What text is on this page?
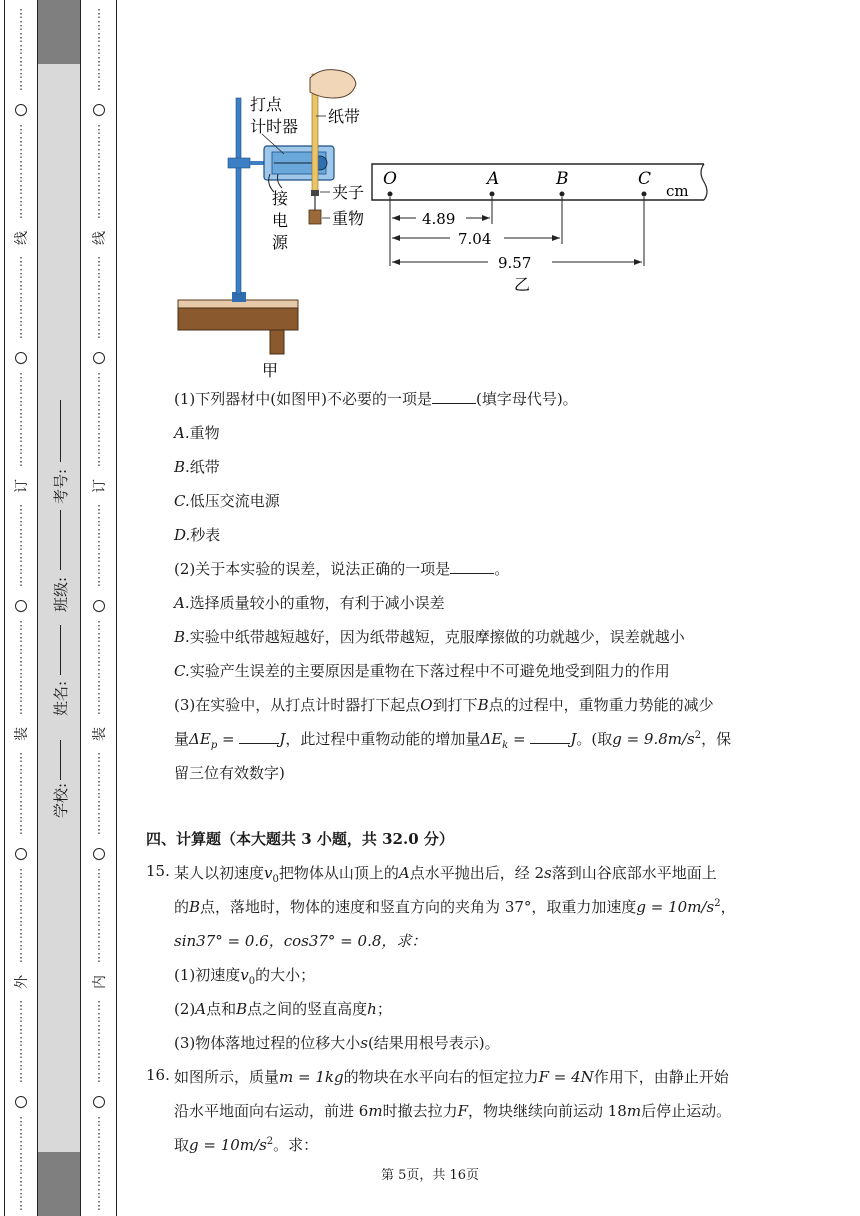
⋮
⋮
⋮
⋮
⋮
⋮
⋮

⋮
⋮
⋮
⋮
⋮
⋮
⋮
⋮

线
⋮
⋮
⋮
⋮
⋮
⋮
⋮

⋮
⋮
⋮
⋮
⋮
⋮
⋮
⋮

订
⋮
⋮
⋮
⋮
⋮
⋮
⋮

⋮
⋮
⋮
⋮
⋮
⋮
⋮
⋮

装
⋮
⋮
⋮
⋮
⋮
⋮
⋮

⋮
⋮
⋮
⋮
⋮
⋮
⋮
⋮

外
⋮
⋮
⋮
⋮
⋮
⋮
⋮

⋮
⋮
⋮
⋮
⋮
⋮
⋮
⋮

⋮
⋮
⋮
⋮
⋮
⋮
⋮

⋮
⋮
⋮
⋮
⋮
⋮
⋮
⋮

线
⋮
⋮
⋮
⋮
⋮
⋮
⋮

⋮
⋮
⋮
⋮
⋮
⋮
⋮
⋮

订
⋮
⋮
⋮
⋮
⋮
⋮
⋮

⋮
⋮
⋮
⋮
⋮
⋮
⋮
⋮

装
⋮
⋮
⋮
⋮
⋮
⋮
⋮

⋮
⋮
⋮
⋮
⋮
⋮
⋮
⋮

内
⋮
⋮
⋮
⋮
⋮
⋮
⋮

⋮
⋮
⋮
⋮
⋮
⋮
⋮
⋮

学校:
姓名:
班级:
考号:
打点
计时器
纸带
夹子
重物
接
电
源
甲
O	A	B	C
cm
4.89
7.04
9.57
乙
(1)下列器材中(如图甲)不必要的一项是	(填字母代号)。
A.重物
B.纸带
C.低压交流电源
D.秒表
(2)关于本实验的误差，说法正确的一项是	。
A.选择质量较小的重物，有利于减小误差
B.实验中纸带越短越好，因为纸带越短，克服摩擦做的功就越少，误差就越小
C.实验产生误差的主要原因是重物在下落过程中不可避免地受到阻力的作用
(3)在实验中，从打点计时器打下起点O到打下B点的过程中，重物重力势能的减少
量$\Delta E_p$ =	J，此过程中重物动能的增加量$\Delta E_k$ =	J。(取$g = 9.8m/s^2$，保
留三位有效数字)
四、计算题（本大题共 3 小题，共 32.0 分）
15. 某人以初速度$v_0$把物体从山顶上的A点水平抛出后，经 2s落到山谷底部水平地面上
的B点，落地时，物体的速度和竖直方向的夹角为 37°，取重力加速度$g = 10m/s^2$，
sin37° = 0.6，cos37° = 0.8，求：
(1)初速度$v_0$的大小；
(2)A点和B点之间的竖直高度h；
(3)物体落地过程的位移大小s(结果用根号表示)。
16. 如图所示，质量m = 1kg的物块在水平向右的恒定拉力F = 4N作用下，由静止开始
沿水平地面向右运动，前进 6m时撤去拉力F，物块继续向前运动 18m后停止运动。
取$g = 10m/s^2$。求：
第 5页，共 16页
